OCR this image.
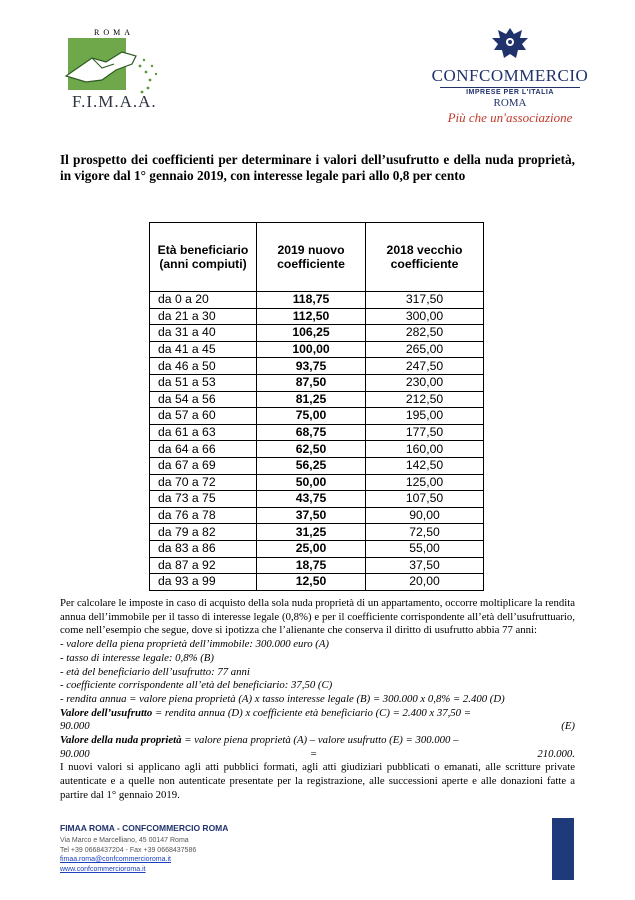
ROMA
F.I.M.A.A.
CONFCOMMERCIO
IMPRESE PER L'ITALIA
ROMA
Più che un'associazione
Il prospetto dei coefficienti per determinare i valori dell’usufrutto e della nuda proprietà, in vigore dal 1° gennaio 2019, con interesse legale pari allo 0,8 per cento
Età beneficiario (anni compiuti)	2019 nuovo coefficiente	2018 vecchio coefficiente
da 0 a 20	118,75	317,50
da 21 a 30	112,50	300,00
da 31 a 40	106,25	282,50
da 41 a 45	100,00	265,00
da 46 a 50	93,75	247,50
da 51 a 53	87,50	230,00
da 54 a 56	81,25	212,50
da 57 a 60	75,00	195,00
da 61 a 63	68,75	177,50
da 64 a 66	62,50	160,00
da 67 a 69	56,25	142,50
da 70 a 72	50,00	125,00
da 73 a 75	43,75	107,50
da 76 a 78	37,50	90,00
da 79 a 82	31,25	72,50
da 83 a 86	25,00	55,00
da 87 a 92	18,75	37,50
da 93 a 99	12,50	20,00

Per calcolare le imposte in caso di acquisto della sola nuda proprietà di un appartamento, occorre moltiplicare la rendita annua dell’immobile per il tasso di interesse legale (0,8%) e per il coefficiente corrispondente all’età dell’usufruttuario, come nell’esempio che segue, dove si ipotizza che l’alienante che conserva il diritto di usufrutto abbia 77 anni:

- valore della piena proprietà dell’immobile: 300.000 euro (A)
- tasso di interesse legale: 0,8% (B)
- età del beneficiario dell’usufrutto: 77 anni
- coefficiente corrispondente all’età del beneficiario: 37,50 (C)
- rendita annua = valore piena proprietà (A) x tasso interesse legale (B) = 300.000 x 0,8% = 2.400 (D)

Valore dell’usufrutto = rendita annua (D) x coefficiente età beneficiario (C) = 2.400 x 37,50 =

90.000	(E)

Valore della nuda proprietà = valore piena proprietà (A) – valore usufrutto (E) = 300.000 –

90.000	=	210.000.

I nuovi valori si applicano agli atti pubblici formati, agli atti giudiziari pubblicati o emanati, alle scritture private autenticate e a quelle non autenticate presentate per la registrazione, alle successioni aperte e alle donazioni fatte a partire dal 1° gennaio 2019.

FIMAA ROMA - CONFCOMMERCIO ROMA
Via Marco e Marcelliano, 45 00147 Roma
Tel +39 0668437204 - Fax +39 0668437586
fimaa.roma@confcommercioroma.it
www.confcommercioroma.it
